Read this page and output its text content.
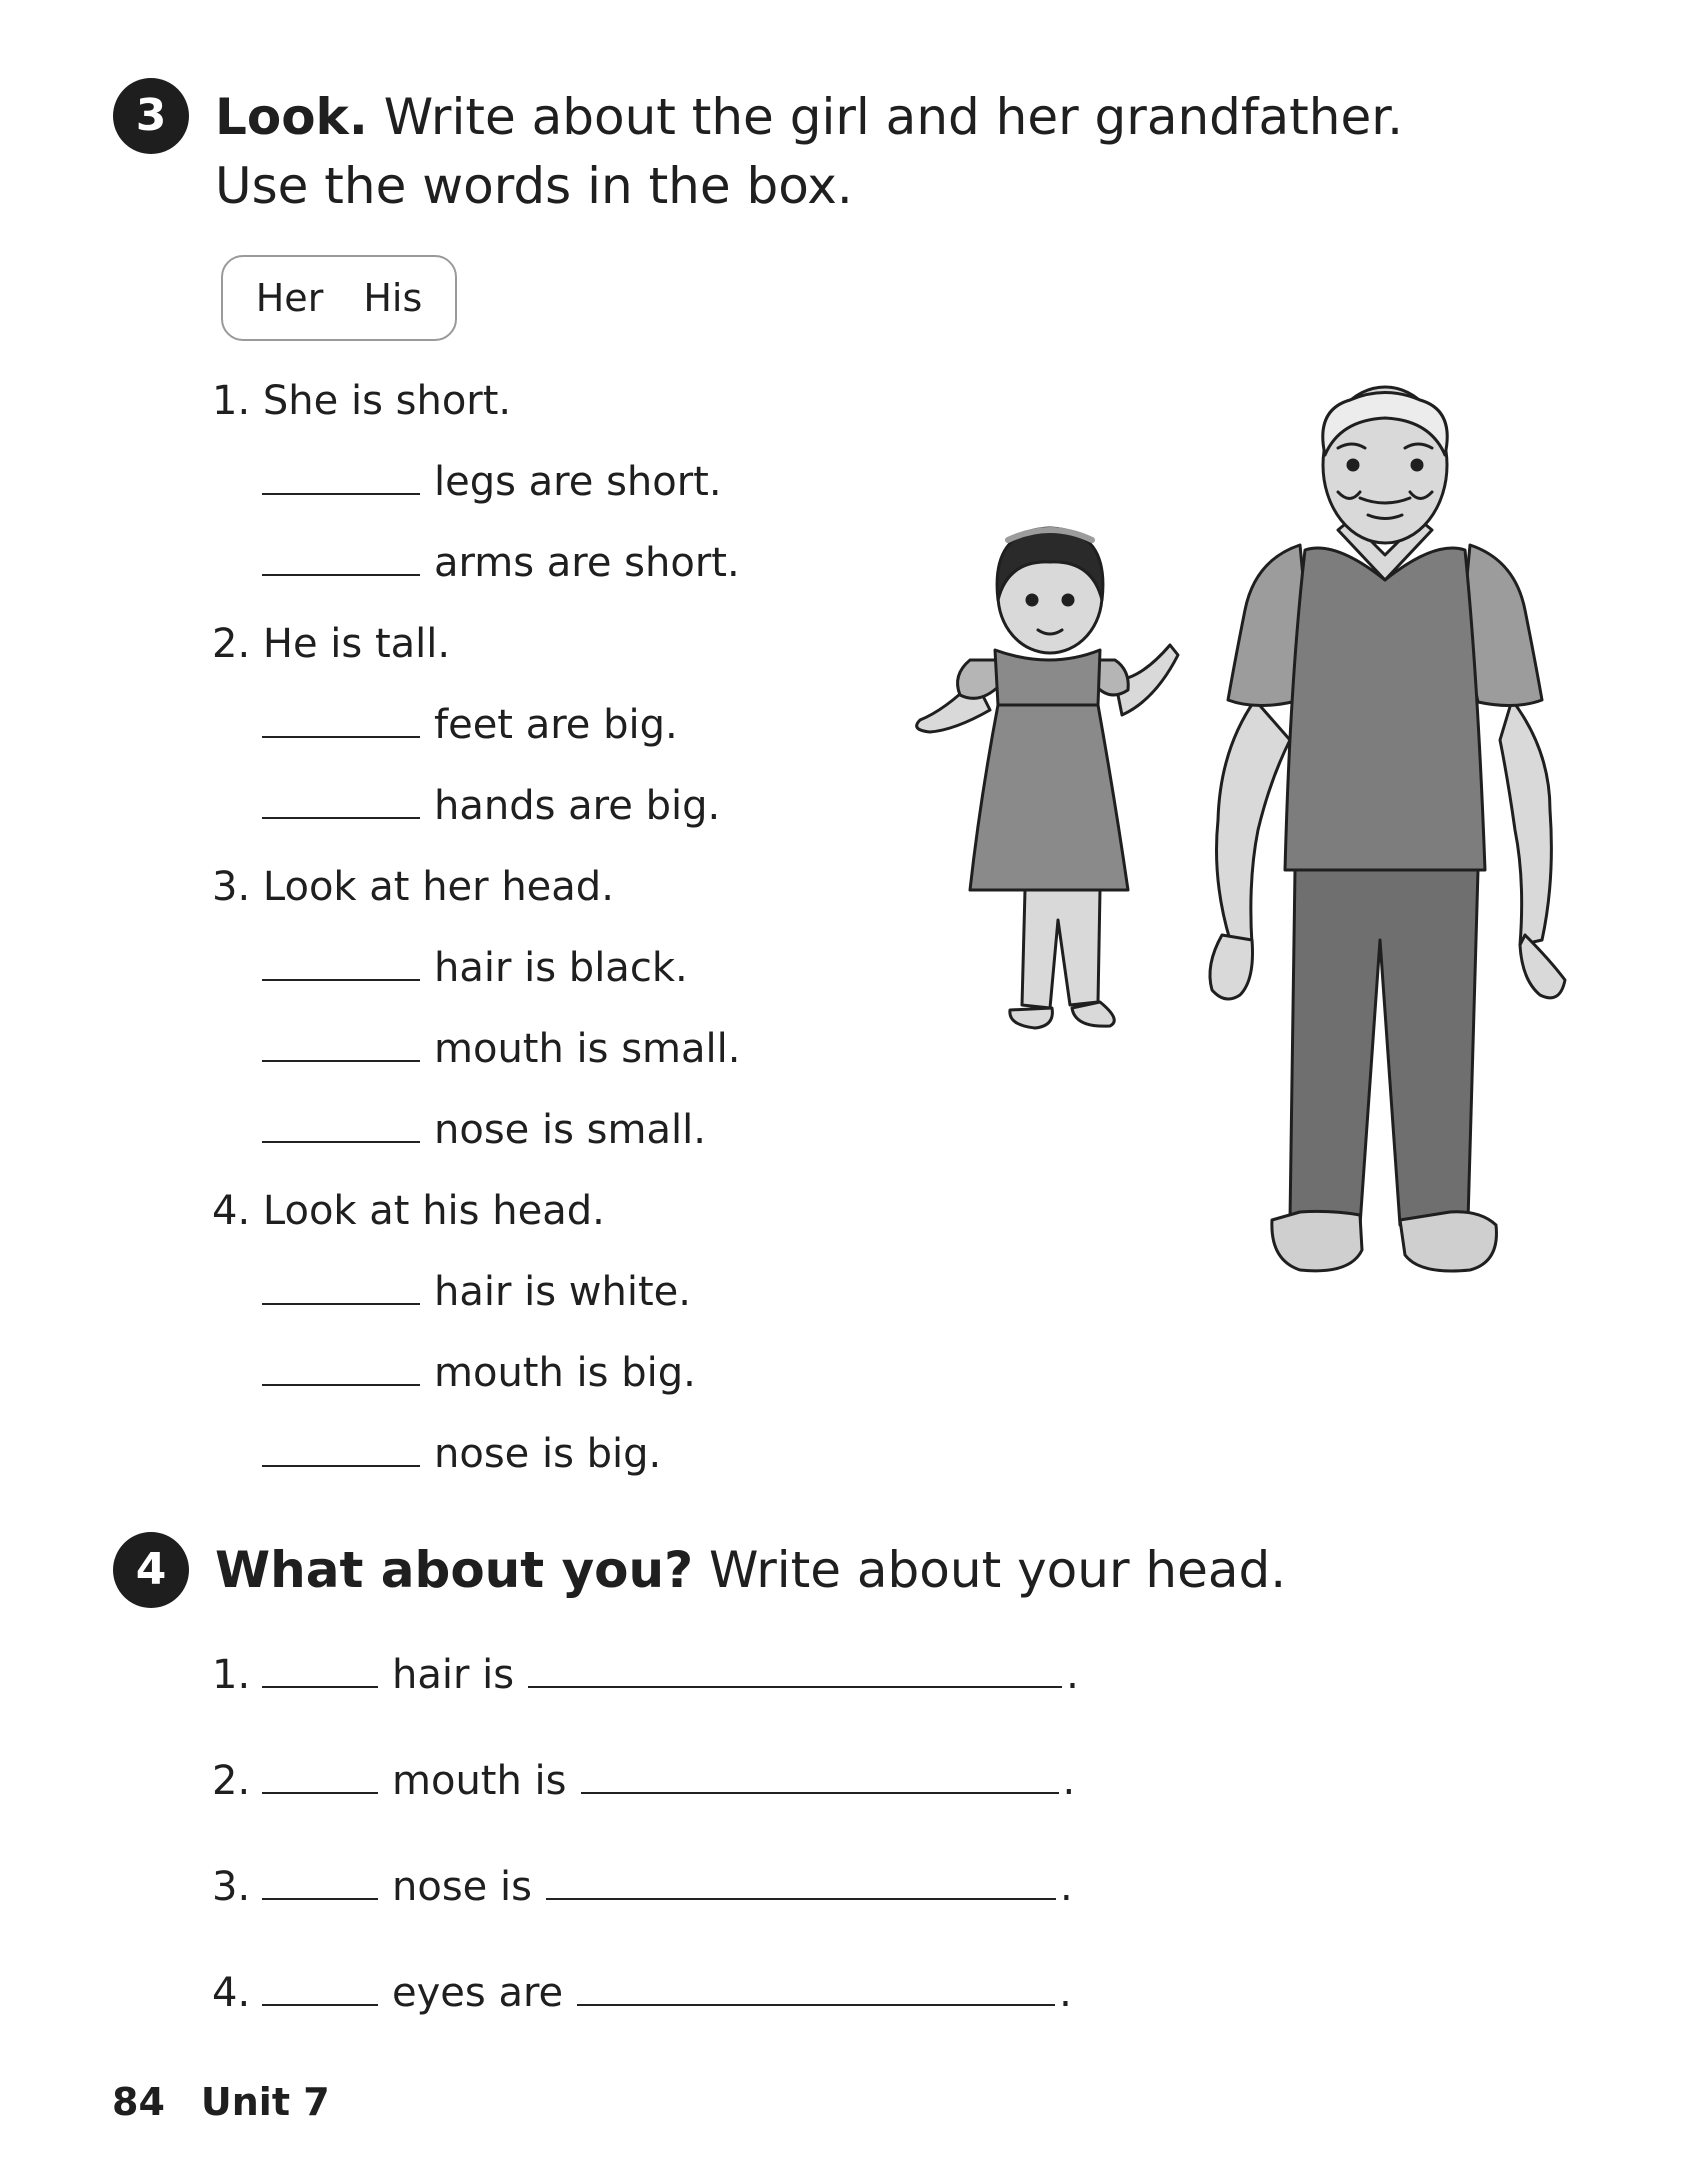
3 Look. Write about the girl and her grandfather.
Use the words in the box.
Her His
1. She is short.
legs are short.
arms are short.
2. He is tall.
feet are big.
hands are big.
3. Look at her head.
hair is black.
mouth is small.
nose is small.
4. Look at his head.
hair is white.
mouth is big.
nose is big.
4 What about you? Write about your head.
1.	hair is	.
2.	mouth is	.
3.	nose is	.
4.	eyes are	.
84 Unit 7
